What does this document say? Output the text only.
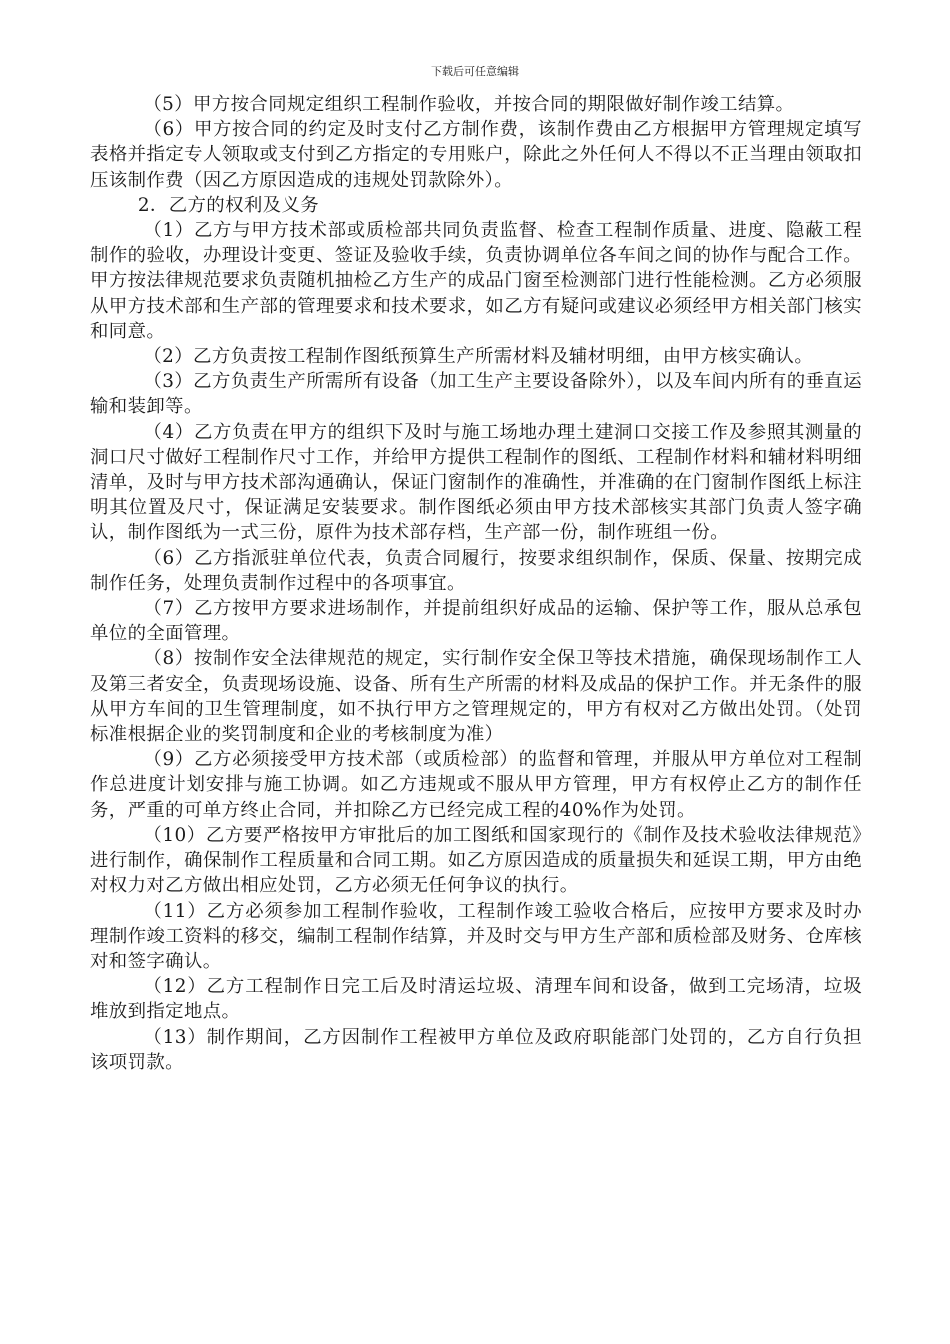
下载后可任意编辑

（5）甲方按合同规定组织工程制作验收，并按合同的期限做好制作竣工结算。

（6）甲方按合同的约定及时支付乙方制作费，该制作费由乙方根据甲方管理规定填写表格并指定专人领取或支付到乙方指定的专用账户，除此之外任何人不得以不正当理由领取扣压该制作费（因乙方原因造成的违规处罚款除外）。

2．乙方的权利及义务

（1）乙方与甲方技术部或质检部共同负责监督、检查工程制作质量、进度、隐蔽工程制作的验收，办理设计变更、签证及验收手续，负责协调单位各车间之间的协作与配合工作。甲方按法律规范要求负责随机抽检乙方生产的成品门窗至检测部门进行性能检测。乙方必须服从甲方技术部和生产部的管理要求和技术要求，如乙方有疑问或建议必须经甲方相关部门核实和同意。

（2）乙方负责按工程制作图纸预算生产所需材料及辅材明细，由甲方核实确认。

（3）乙方负责生产所需所有设备（加工生产主要设备除外），以及车间内所有的垂直运输和装卸等。

（4）乙方负责在甲方的组织下及时与施工场地办理土建洞口交接工作及参照其测量的洞口尺寸做好工程制作尺寸工作，并给甲方提供工程制作的图纸、工程制作材料和辅材料明细清单，及时与甲方技术部沟通确认，保证门窗制作的准确性，并准确的在门窗制作图纸上标注明其位置及尺寸，保证满足安装要求。制作图纸必须由甲方技术部核实其部门负责人签字确认，制作图纸为一式三份，原件为技术部存档，生产部一份，制作班组一份。

（6）乙方指派驻单位代表，负责合同履行，按要求组织制作，保质、保量、按期完成制作任务，处理负责制作过程中的各项事宜。

（7）乙方按甲方要求进场制作，并提前组织好成品的运输、保护等工作，服从总承包单位的全面管理。

（8）按制作安全法律规范的规定，实行制作安全保卫等技术措施，确保现场制作工人及第三者安全，负责现场设施、设备、所有生产所需的材料及成品的保护工作。并无条件的服从甲方车间的卫生管理制度，如不执行甲方之管理规定的，甲方有权对乙方做出处罚。（处罚标准根据企业的奖罚制度和企业的考核制度为准）

（9）乙方必须接受甲方技术部（或质检部）的监督和管理，并服从甲方单位对工程制作总进度计划安排与施工协调。如乙方违规或不服从甲方管理，甲方有权停止乙方的制作任务，严重的可单方终止合同，并扣除乙方已经完成工程的40%作为处罚。

（10）乙方要严格按甲方审批后的加工图纸和国家现行的《制作及技术验收法律规范》进行制作，确保制作工程质量和合同工期。如乙方原因造成的质量损失和延误工期，甲方由绝对权力对乙方做出相应处罚，乙方必须无任何争议的执行。

（11）乙方必须参加工程制作验收，工程制作竣工验收合格后，应按甲方要求及时办理制作竣工资料的移交，编制工程制作结算，并及时交与甲方生产部和质检部及财务、仓库核对和签字确认。

（12）乙方工程制作日完工后及时清运垃圾、清理车间和设备，做到工完场清，垃圾堆放到指定地点。

（13）制作期间，乙方因制作工程被甲方单位及政府职能部门处罚的，乙方自行负担该项罚款。
